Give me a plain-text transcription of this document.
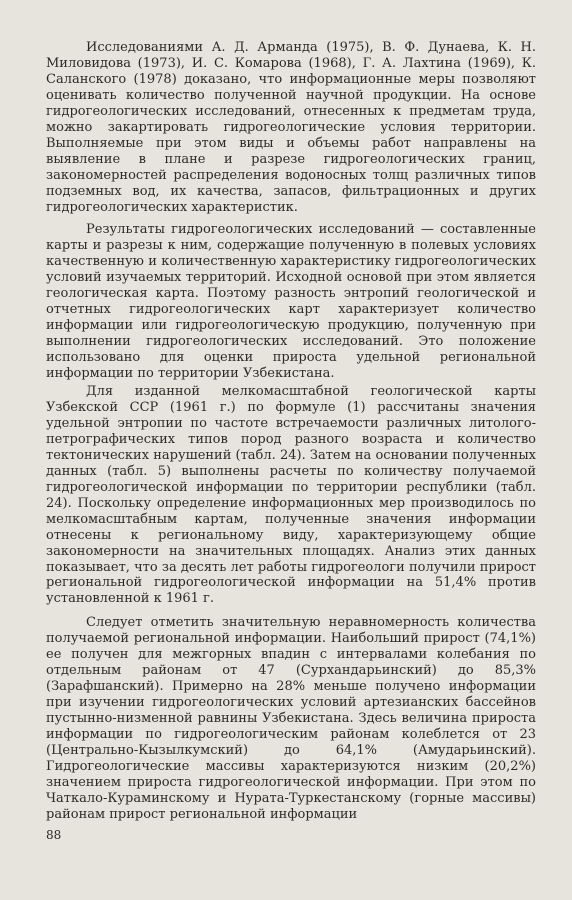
Исследованиями А. Д. Арманда (1975), В. Ф. Дунаева, К. Н. Миловидова (1973), И. С. Комарова (1968), Г. А. Лахтина (1969), К. Саланского (1978) доказано, что информационные меры позволяют оценивать количество полученной научной продукции. На основе гидрогеологических исследований, отнесенных к предметам труда, можно закартировать гидрогеологические условия территории. Выполняемые при этом виды и объемы работ направлены на выявление в плане и разрезе гидрогеологических границ, закономерностей распределения водоносных толщ различных типов подземных вод, их качества, запасов, фильтрационных и других гидрогеологических характеристик.

Результаты гидрогеологических исследований — составленные карты и разрезы к ним, содержащие полученную в полевых условиях качественную и количественную характеристику гидрогеологических условий изучаемых территорий. Исходной основой при этом является геологическая карта. Поэтому разность энтропий геологической и отчетных гидрогеологических карт характеризует количество информации или гидрогеологическую продукцию, полученную при выполнении гидрогеологических исследований. Это положение использовано для оценки прироста удельной региональной информации по территории Узбекистана.

Для изданной мелкомасштабной геологической карты Узбекской ССР (1961 г.) по формуле (1) рассчитаны значения удельной энтропии по частоте встречаемости различных литолого-петрографических типов пород разного возраста и количество тектонических нарушений (табл. 24). Затем на основании полученных данных (табл. 5) выполнены расчеты по количеству получаемой гидрогеологической информации по территории республики (табл. 24). Поскольку определение информационных мер производилось по мелкомасштабным картам, полученные значения информации отнесены к региональному виду, характеризующему общие закономерности на значительных площадях. Анализ этих данных показывает, что за десять лет работы гидрогеологи получили прирост региональной гидрогеологической информации на 51,4% против установленной к 1961 г.

Следует отметить значительную неравномерность количества получаемой региональной информации. Наибольший прирост (74,1%) ее получен для межгорных впадин с интервалами колебания по отдельным районам от 47 (Сурхандарьинский) до 85,3% (Зарафшанский). Примерно на 28% меньше получено информации при изучении гидрогеологических условий артезианских бассейнов пустынно-низменной равнины Узбекистана. Здесь величина прироста информации по гидрогеологическим районам колеблется от 23 (Центрально-Кызылкумский) до 64,1% (Амударьинский). Гидрогеологические массивы характеризуются низким (20,2%) значением прироста гидрогеологической информации. При этом по Чаткало-Кураминскому и Нурата-Туркестанскому (горные массивы) районам прирост региональной информации

88
